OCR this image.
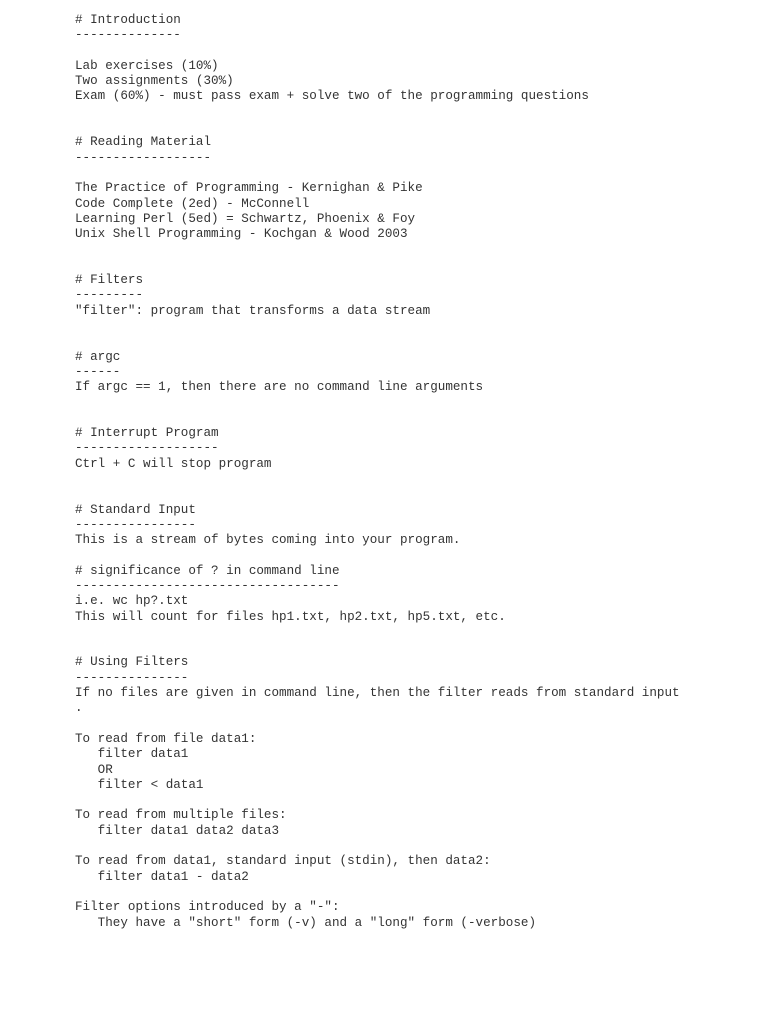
# Introduction
--------------
Lab exercises (10%)
Two assignments (30%)
Exam (60%) - must pass exam + solve two of the programming questions
# Reading Material
------------------
The Practice of Programming - Kernighan & Pike
Code Complete (2ed) - McConnell
Learning Perl (5ed) = Schwartz, Phoenix & Foy
Unix Shell Programming - Kochgan & Wood 2003
# Filters
---------
"filter": program that transforms a data stream
# argc
------
If argc == 1, then there are no command line arguments
# Interrupt Program
-------------------
Ctrl + C will stop program
# Standard Input
----------------
This is a stream of bytes coming into your program.
# significance of ? in command line
-----------------------------------
i.e. wc hp?.txt
This will count for files hp1.txt, hp2.txt, hp5.txt, etc.
# Using Filters
---------------
If no files are given in command line, then the filter reads from standard input
.
To read from file data1:
filter data1
OR
filter < data1
To read from multiple files:
filter data1 data2 data3
To read from data1, standard input (stdin), then data2:
filter data1 - data2
Filter options introduced by a "-":
They have a "short" form (-v) and a "long" form (-verbose)
